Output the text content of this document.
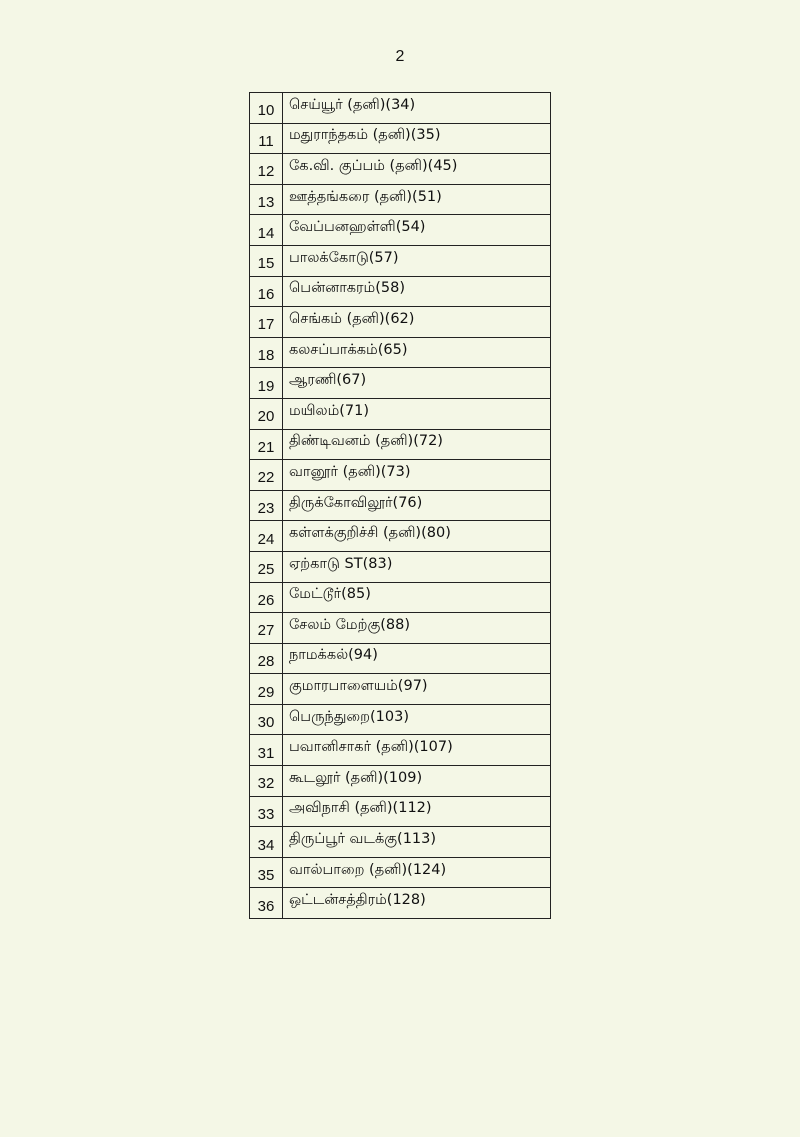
2
10	செய்யூர் (தனி)(34)
11	மதுராந்தகம் (தனி)(35)
12	கே.வி. குப்பம் (தனி)(45)
13	ஊத்தங்கரை (தனி)(51)
14	வேப்பனஹள்ளி(54)
15	பாலக்கோடு(57)
16	பென்னாகரம்(58)
17	செங்கம் (தனி)(62)
18	கலசப்பாக்கம்(65)
19	ஆரணி(67)
20	மயிலம்(71)
21	திண்டிவனம் (தனி)(72)
22	வானூர் (தனி)(73)
23	திருக்கோவிலூர்(76)
24	கள்ளக்குறிச்சி (தனி)(80)
25	ஏற்காடு ST(83)
26	மேட்டூர்(85)
27	சேலம் மேற்கு(88)
28	நாமக்கல்(94)
29	குமாரபாளையம்(97)
30	பெருந்துறை(103)
31	பவானிசாகர் (தனி)(107)
32	கூடலூர் (தனி)(109)
33	அவிநாசி (தனி)(112)
34	திருப்பூர் வடக்கு(113)
35	வால்பாறை (தனி)(124)
36	ஒட்டன்சத்திரம்(128)
